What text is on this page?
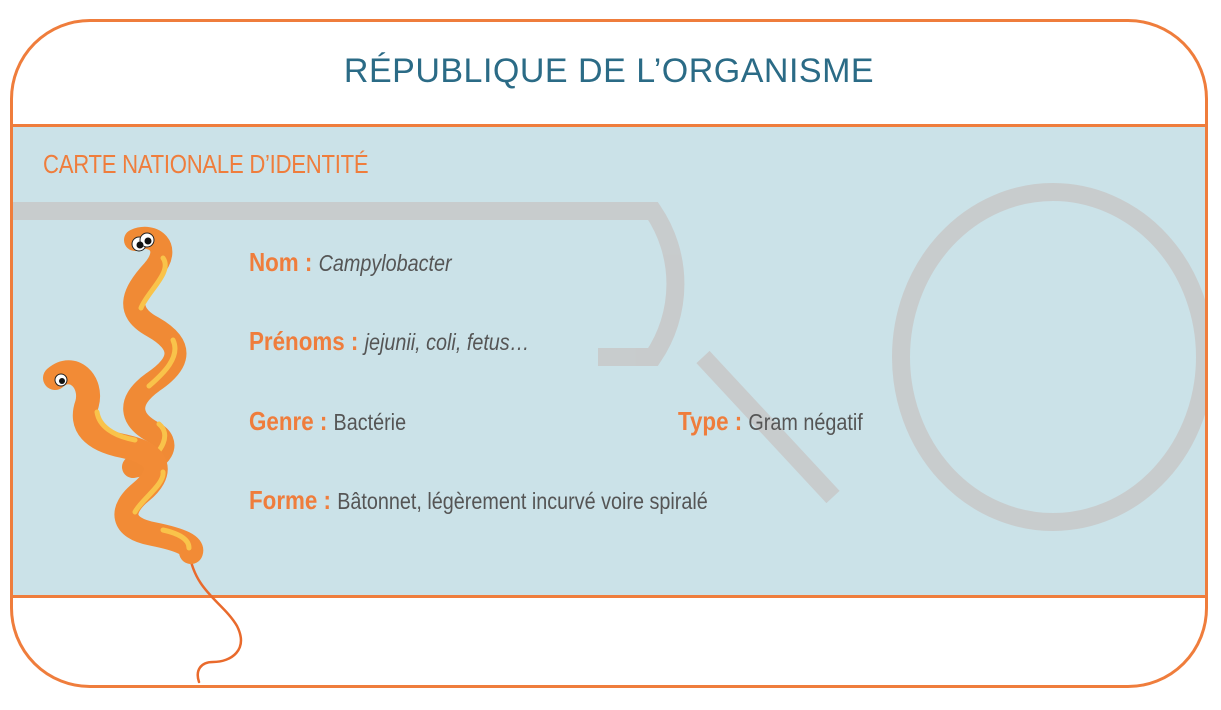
RÉPUBLIQUE DE L’ORGANISME
CARTE NATIONALE D’IDENTITÉ
Nom : Campylobacter
Prénoms : jejunii, coli, fetus…
Genre : Bactérie	Type : Gram négatif
Forme : Bâtonnet, légèrement incurvé voire spiralé
